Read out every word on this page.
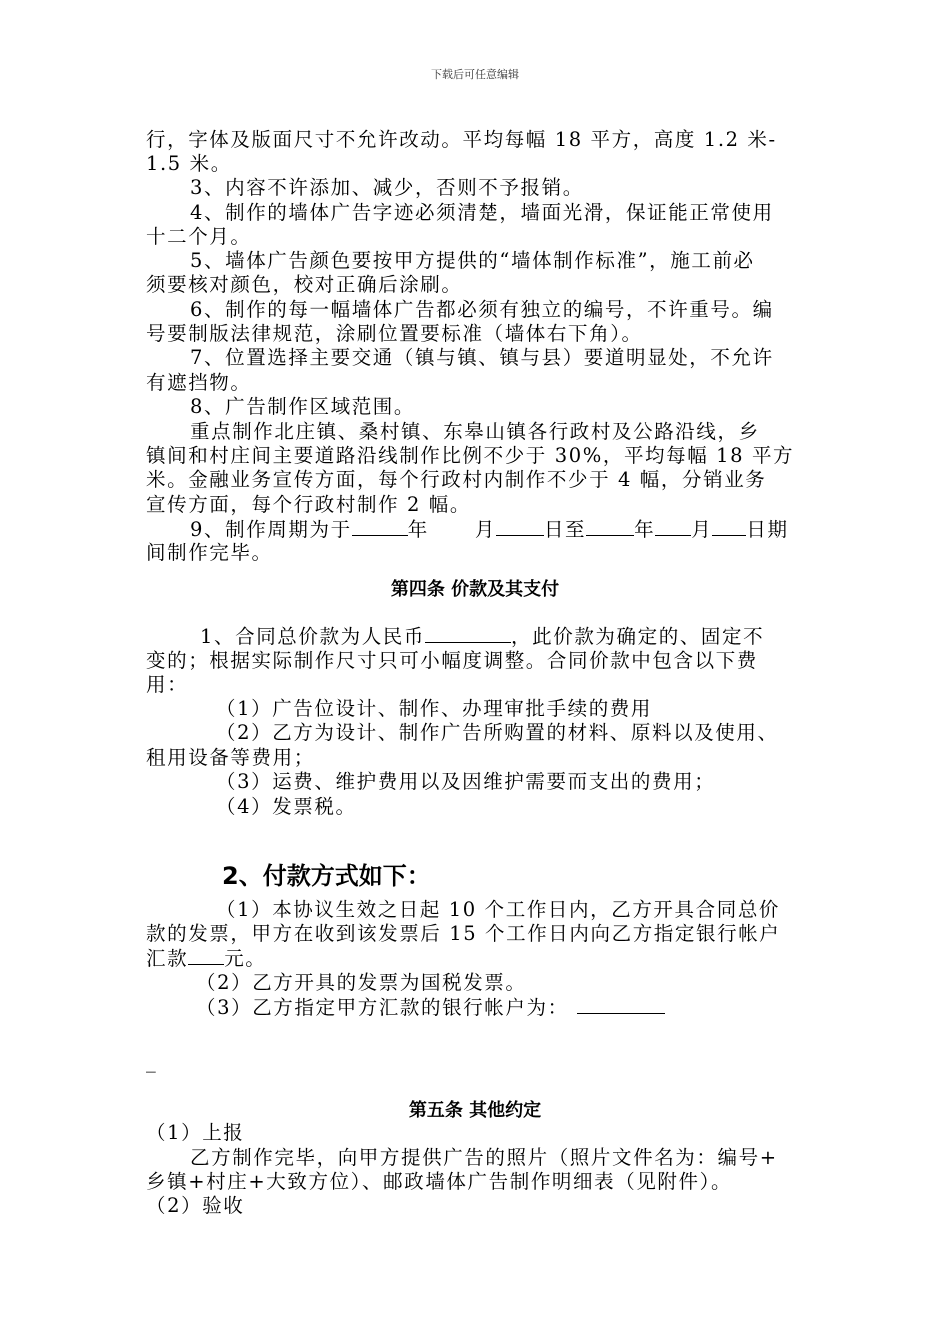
下载后可任意编辑
行，字体及版面尺寸不允许改动。平均每幅 18 平方，高度 1.2 米-
1.5 米。
3、内容不许添加、减少，否则不予报销。
4、制作的墙体广告字迹必须清楚，墙面光滑，保证能正常使用
十二个月。
5、墙体广告颜色要按甲方提供的“墙体制作标准”，施工前必
须要核对颜色，校对正确后涂刷。
6、制作的每一幅墙体广告都必须有独立的编号，不许重号。编
号要制版法律规范，涂刷位置要标准（墙体右下角）。
7、位置选择主要交通（镇与镇、镇与县）要道明显处，不允许
有遮挡物。
8、广告制作区域范围。
重点制作北庄镇、桑村镇、东皋山镇各行政村及公路沿线，乡
镇间和村庄间主要道路沿线制作比例不少于 30%，平均每幅 18 平方
米。金融业务宣传方面，每个行政村内制作不少于 4 幅，分销业务
宣传方面，每个行政村制作 2 幅。
9、制作周期为于	年 月 日至 年 月 日期
间制作完毕。
第四条 价款及其支付
1、合同总价款为人民币	，此价款为确定的、固定不
变的；根据实际制作尺寸只可小幅度调整。合同价款中包含以下费
用：
（1）广告位设计、制作、办理审批手续的费用
（2）乙方为设计、制作广告所购置的材料、原料以及使用、
租用设备等费用；
（3）运费、维护费用以及因维护需要而支出的费用；
（4）发票税。
2、付款方式如下：
（1）本协议生效之日起 10 个工作日内，乙方开具合同总价
款的发票，甲方在收到该发票后 15 个工作日内向乙方指定银行帐户
汇款 元。
（2）乙方开具的发票为国税发票。
（3）乙方指定甲方汇款的银行帐户为：
_
第五条 其他约定
（1）上报
乙方制作完毕，向甲方提供广告的照片（照片文件名为：编号+
乡镇+村庄+大致方位）、邮政墙体广告制作明细表（见附件）。
（2）验收
